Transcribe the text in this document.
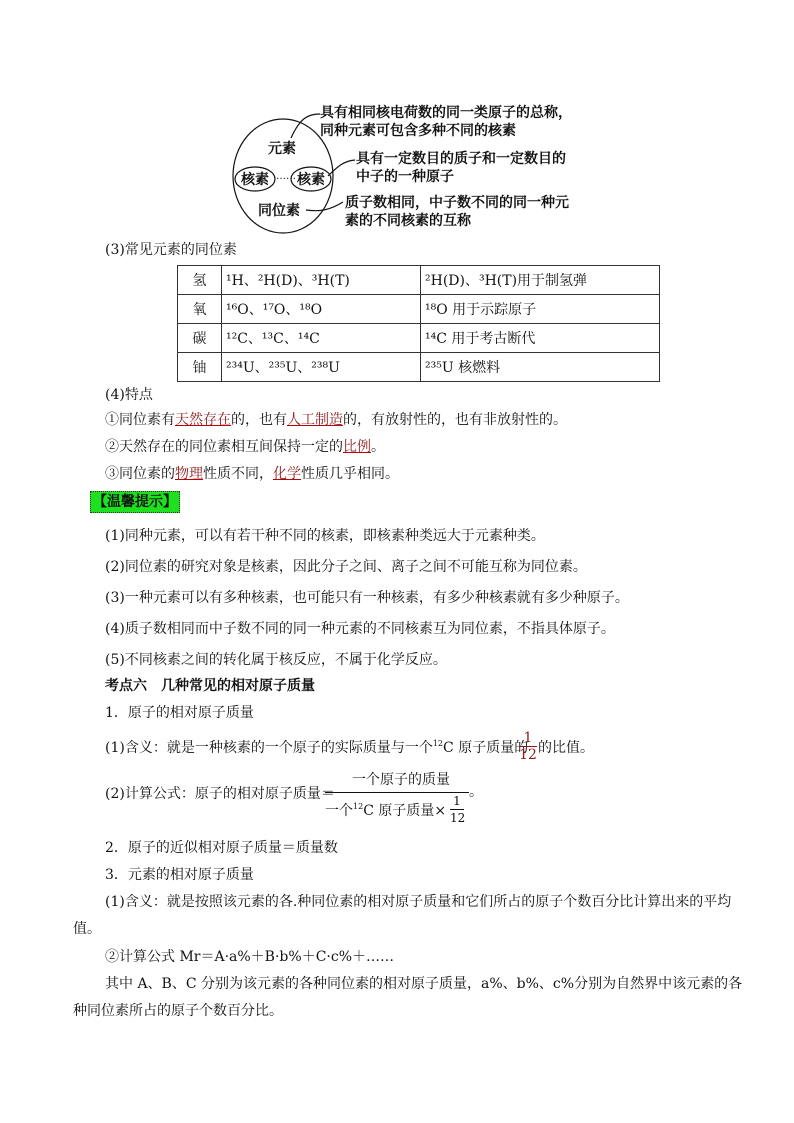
元素
核素 …… 核素
同位素
具有相同核电荷数的同一类原子的总称，
同种元素可包含多种不同的核素
具有一定数目的质子和一定数目的
中子的一种原子
质子数相同，中子数不同的同一种元
素的不同核素的互称
(3)常见元素的同位素
氢	¹H、²H(D)、³H(T)	²H(D)、³H(T)用于制氢弹
氧	¹⁶O、¹⁷O、¹⁸O	¹⁸O 用于示踪原子
碳	¹²C、¹³C、¹⁴C	¹⁴C 用于考古断代
铀	²³⁴U、²³⁵U、²³⁸U	²³⁵U 核燃料
(4)特点
①同位素有天然存在的，也有人工制造的，有放射性的，也有非放射性的。
②天然存在的同位素相互间保持一定的比例。
③同位素的物理性质不同，化学性质几乎相同。
【温馨提示】
(1)同种元素，可以有若干种不同的核素，即核素种类远大于元素种类。
(2)同位素的研究对象是核素，因此分子之间、离子之间不可能互称为同位素。
(3)一种元素可以有多种核素，也可能只有一种核素，有多少种核素就有多少种原子。
(4)质子数相同而中子数不同的同一种元素的不同核素互为同位素，不指具体原子。
(5)不同核素之间的转化属于核反应，不属于化学反应。
考点六　几种常见的相对原子质量
1．原子的相对原子质量
(1)含义：就是一种核素的一个原子的实际质量与一个$^{12}$C 原子质量的
1
12 的比值。
(2)计算公式：原子的相对原子质量＝
一个原子的质量
一个$^{12}$C 原子质量×
1
12
。
2．原子的近似相对原子质量＝质量数
3．元素的相对原子质量
(1)含义：就是按照该元素的各.种同位素的相对原子质量和它们所占的原子个数百分比计算出来的平均
值。
②计算公式 Mr＝A·a%＋B·b%＋C·c%＋……
其中 A、B、C 分别为该元素的各种同位素的相对原子质量，a%、b%、c%分别为自然界中该元素的各
种同位素所占的原子个数百分比。
